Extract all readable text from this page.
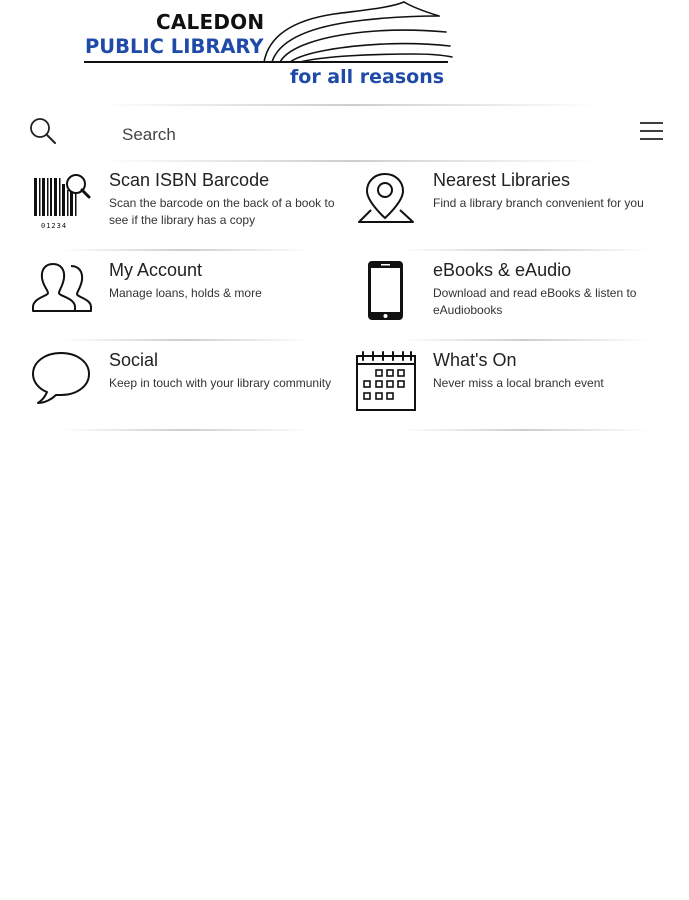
CALEDON
PUBLIC LIBRARY
for all reasons
Search
01234
Scan ISBN Barcode
Scan the barcode on the back of a book to see if the library has a copy
Nearest Libraries
Find a library branch convenient for you
My Account
Manage loans, holds & more
eBooks & eAudio
Download and read eBooks & listen to eAudiobooks
Social
Keep in touch with your library community
What's On
Never miss a local branch event
